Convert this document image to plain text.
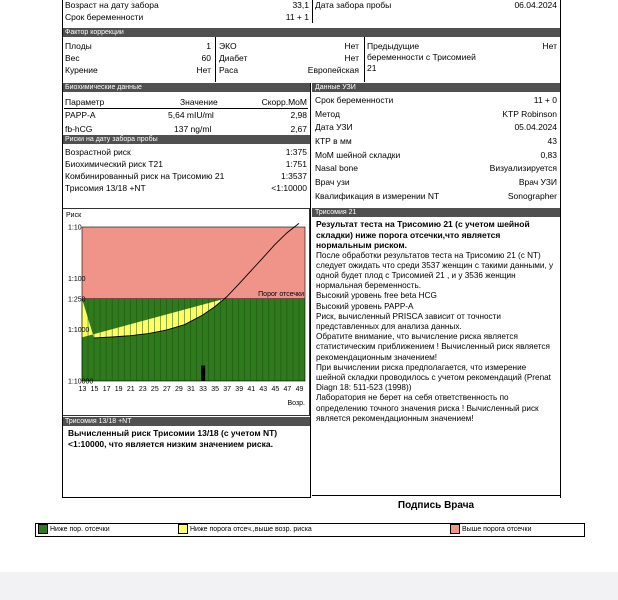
Возраст на дату забора	33,1
Срок беременности	11 + 1
Дата забора пробы	06.04.2024
Фактор коррекции
Плоды	1
Вес	60
Курение	Нет
ЭКО	Нет
Диабет	Нет
Раса	Европейская
Предыдущие беременности с Трисомией 21
Нет
Биохимические данные
Параметр	Значение	Скорр.MoM
PAPP-A	5,64 mIU/ml	2,98
fb-hCG	137 ng/ml	2,67
Риски на дату забора пробы
Возрастной риск	1:375
Биохимический риск Т21	1:751
Комбинированный риск на Трисомию 21	1:3537
Трисомия 13/18 +NT	<1:10000
Данные УЗИ
Срок беременности	11 + 0
Метод	KTP Robinson
Дата УЗИ	05.04.2024
КТР в мм	43
MoM шейной складки	0,83
Nasal bone	Визуализируется
Врач узи	Врач УЗИ
Квалификация в измерении NT	Sonographer
1:10
1:100
1:250
1:1000
1:10000
Риск
13 15 17 19 21 23 25 27 29 31 33 35 37 39 41 43 45 47 49
Возр.
Порог отсечки
Трисомия 13/18 +NT
Вычисленный риск Трисомии 13/18 (с учетом NT) <1:10000, что является низким значением риска.
Трисомия 21
Результат теста на Трисомию 21 (с учетом шейной складки) ниже порога отсечки,что является нормальным риском.
После обработки результатов теста на Трисомию 21 (с NT) следует ожидать что среди 3537 женщин с такими данными, у одной будет плод с Трисомией 21 , и у 3536 женщин нормальная беременность.
Высокий уровень free beta HCG
Высокий уровень PAPP-A
Риск, вычисленный PRISCA зависит от точности представленных для анализа данных.
Обратите внимание, что вычисление риска является статистическим приближением ! Вычисленный риск является рекомендационным значением!
При вычислении риска предполагается, что измерение шейной складки проводилось с учетом рекомендаций (Prenat Diagn 18: 511-523 (1998))
Лаборатория не берет на себя ответственность по определению точного значения риска ! Вычисленный риск является рекомендационным значением!
Подпись Врача
Ниже пор. отсечки	Ниже порога отсеч.,выше возр. риска	Выше порога отсечки
